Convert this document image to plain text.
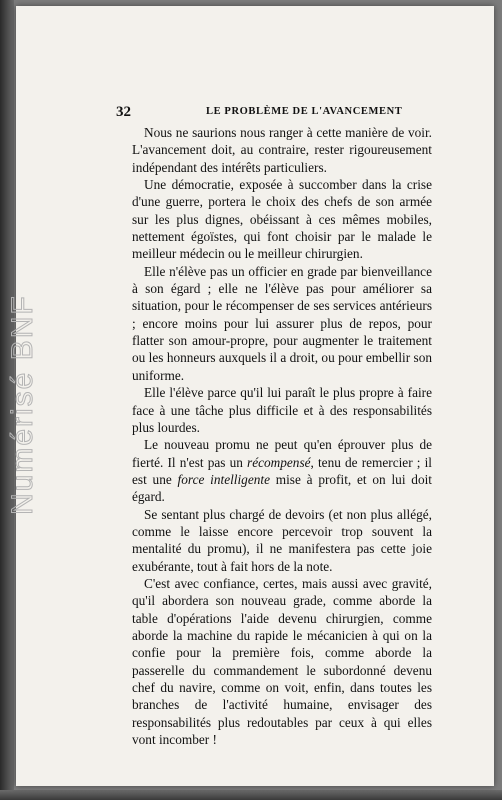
Numérisé BNF
32	LE PROBLÈME DE L'AVANCEMENT

Nous ne saurions nous ranger à cette manière de voir. L'avancement doit, au contraire, rester rigoureusement indépendant des intérêts particuliers.

Une démocratie, exposée à succomber dans la crise d'une guerre, portera le choix des chefs de son armée sur les plus dignes, obéissant à ces mêmes mobiles, nettement égoïstes, qui font choisir par le malade le meilleur médecin ou le meilleur chirurgien.

Elle n'élève pas un officier en grade par bienveillance à son égard ; elle ne l'élève pas pour améliorer sa situation, pour le récompenser de ses services antérieurs ; encore moins pour lui assurer plus de repos, pour flatter son amour-propre, pour augmenter le traitement ou les honneurs auxquels il a droit, ou pour embellir son uniforme.

Elle l'élève parce qu'il lui paraît le plus propre à faire face à une tâche plus difficile et à des responsabilités plus lourdes.

Le nouveau promu ne peut qu'en éprouver plus de fierté. Il n'est pas un récompensé, tenu de remercier ; il est une force intelligente mise à profit, et on lui doit égard.

Se sentant plus chargé de devoirs (et non plus allégé, comme le laisse encore percevoir trop souvent la mentalité du promu), il ne manifestera pas cette joie exubérante, tout à fait hors de la note.

C'est avec confiance, certes, mais aussi avec gravité, qu'il abordera son nouveau grade, comme aborde la table d'opérations l'aide devenu chirurgien, comme aborde la machine du rapide le mécanicien à qui on la confie pour la première fois, comme aborde la passerelle du commandement le subordonné devenu chef du navire, comme on voit, enfin, dans toutes les branches de l'activité humaine, envisager des responsabilités plus redoutables par ceux à qui elles vont incomber !
